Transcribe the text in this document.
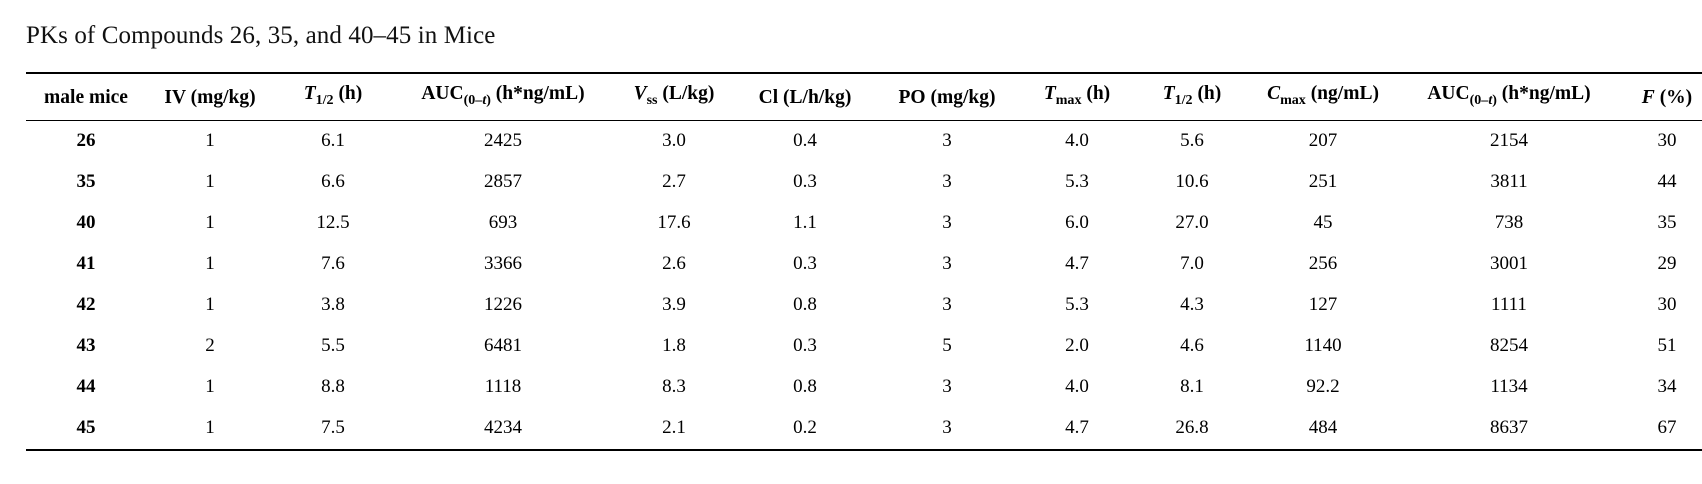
PKs of Compounds 26, 35, and 40–45 in Mice
male mice	IV (mg/kg)	$T_{1/2}$ (h)	$AUC_{(0-t)}$ (h*ng/mL)	$V_{ss}$ (L/kg)	Cl (L/h/kg)	PO (mg/kg)	$T_{max}$ (h)	$T_{1/2}$ (h)	$C_{max}$ (ng/mL)	$AUC_{(0-t)}$ (h*ng/mL)	F (%)
26	1	6.1	2425	3.0	0.4	3	4.0	5.6	207	2154	30
35	1	6.6	2857	2.7	0.3	3	5.3	10.6	251	3811	44
40	1	12.5	693	17.6	1.1	3	6.0	27.0	45	738	35
41	1	7.6	3366	2.6	0.3	3	4.7	7.0	256	3001	29
42	1	3.8	1226	3.9	0.8	3	5.3	4.3	127	1111	30
43	2	5.5	6481	1.8	0.3	5	2.0	4.6	1140	8254	51
44	1	8.8	1118	8.3	0.8	3	4.0	8.1	92.2	1134	34
45	1	7.5	4234	2.1	0.2	3	4.7	26.8	484	8637	67
